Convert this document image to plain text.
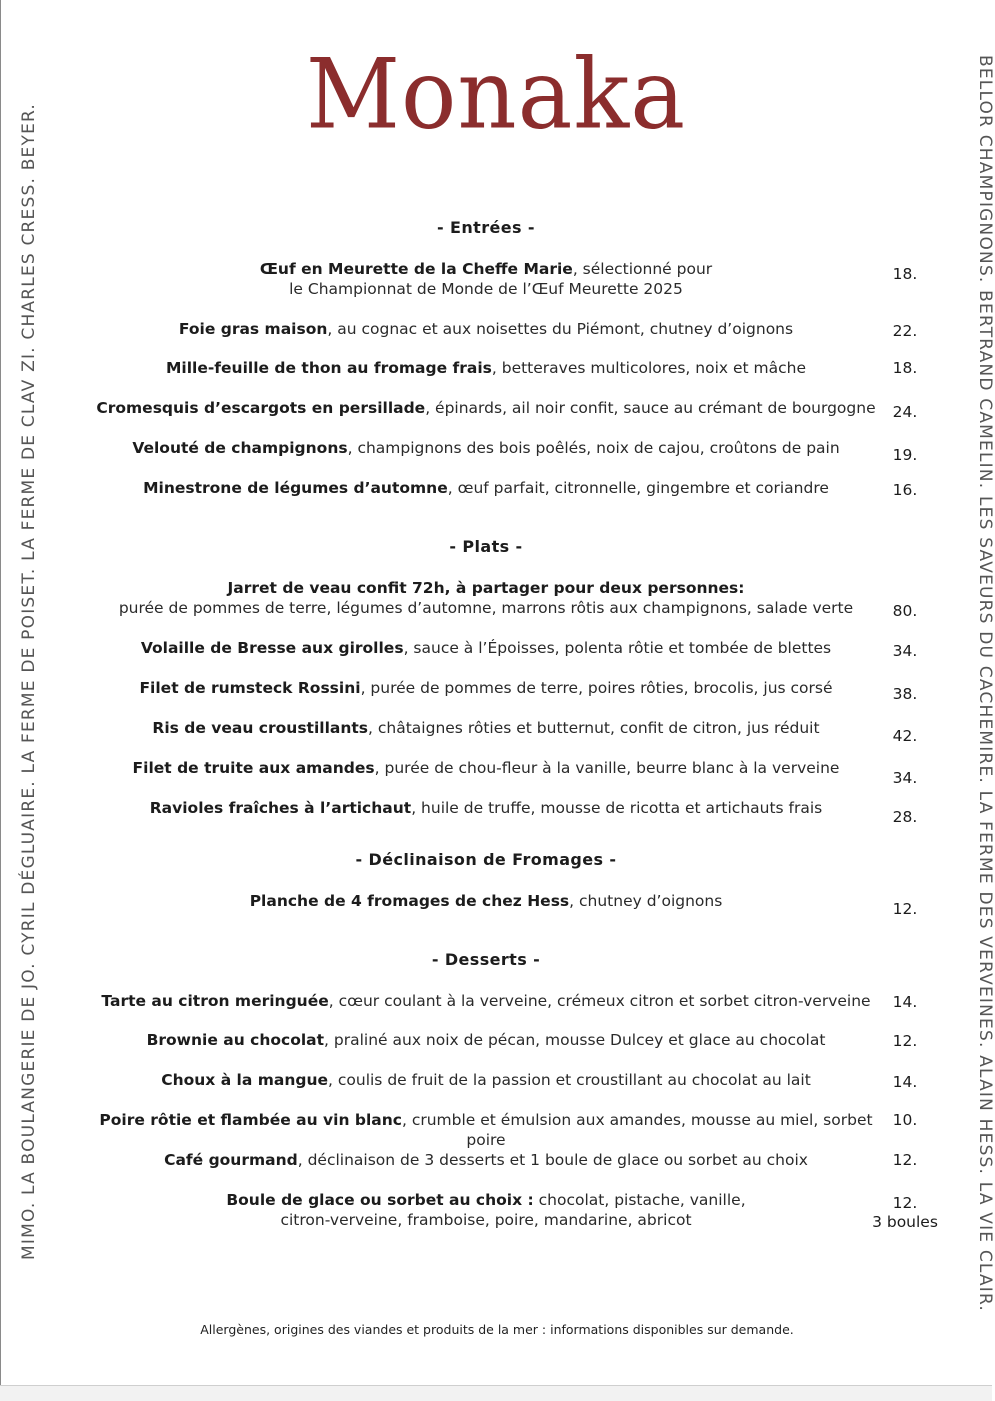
Monaka
MIMO. LA BOULANGERIE DE JO. CYRIL DÉGLUAIRE. LA FERME DE POISET. LA FERME DE CLAV ZI. CHARLES CRESS. BEYER.	BELLOR CHAMPIGNONS. BERTRAND CAMELIN. LES SAVEURS DU CACHEMIRE. LA FERME DES VERVEINES. ALAIN HESS. LA VIE CLAIR.
- Entrées -
Œuf en Meurette de la Cheffe Marie, sélectionné pour
le Championnat de Monde de l’Œuf Meurette 2025
Foie gras maison, au cognac et aux noisettes du Piémont, chutney d’oignons
Mille-feuille de thon au fromage frais, betteraves multicolores, noix et mâche
Cromesquis d’escargots en persillade, épinards, ail noir confit, sauce au crémant de bourgogne
Velouté de champignons, champignons des bois poêlés, noix de cajou, croûtons de pain
Minestrone de légumes d’automne, œuf parfait, citronnelle, gingembre et coriandre
- Plats -
Jarret de veau confit 72h, à partager pour deux personnes:
purée de pommes de terre, légumes d’automne, marrons rôtis aux champignons, salade verte
Volaille de Bresse aux girolles, sauce à l’Époisses, polenta rôtie et tombée de blettes
Filet de rumsteck Rossini, purée de pommes de terre, poires rôties, brocolis, jus corsé
Ris de veau croustillants, châtaignes rôties et butternut, confit de citron, jus réduit
Filet de truite aux amandes, purée de chou-fleur à la vanille, beurre blanc à la verveine
Ravioles fraîches à l’artichaut, huile de truffe, mousse de ricotta et artichauts frais
- Déclinaison de Fromages -
Planche de 4 fromages de chez Hess, chutney d’oignons
- Desserts -
Tarte au citron meringuée, cœur coulant à la verveine, crémeux citron et sorbet citron-verveine
Brownie au chocolat, praliné aux noix de pécan, mousse Dulcey et glace au chocolat
Choux à la mangue, coulis de fruit de la passion et croustillant au chocolat au lait
Poire rôtie et flambée au vin blanc, crumble et émulsion aux amandes, mousse au miel, sorbet poire
Café gourmand, déclinaison de 3 desserts et 1 boule de glace ou sorbet au choix
Boule de glace ou sorbet au choix : chocolat, pistache, vanille,
citron-verveine, framboise, poire, mandarine, abricot
18.
22.
18.
24.
19.
16.
80.
34.
38.
42.
34.
28.
12.
14.
12.
14.
10.
12.
12.
3 boules
Allergènes, origines des viandes et produits de la mer : informations disponibles sur demande.
